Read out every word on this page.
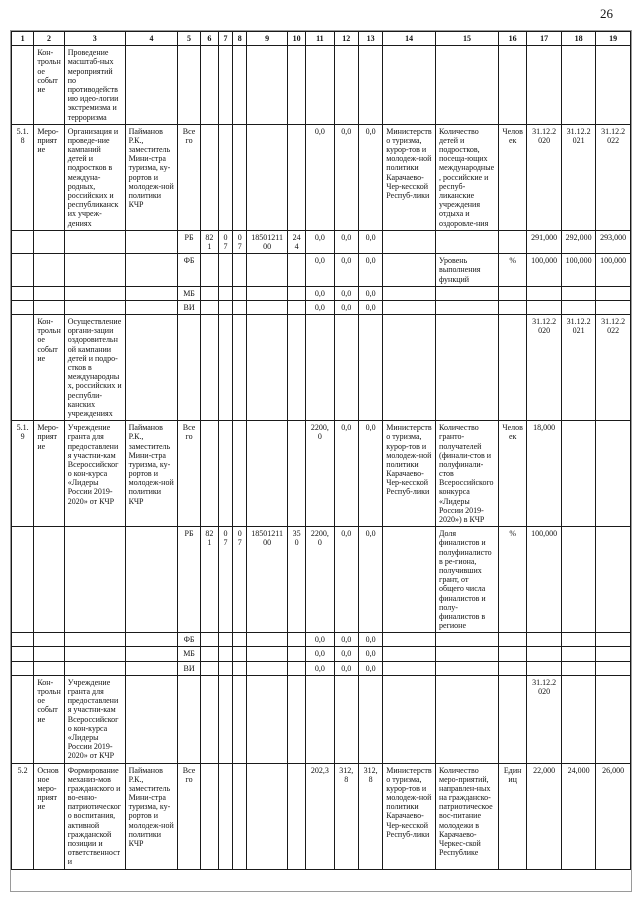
26
1	2	3	4	5	6	7	8	9	10	11	12	13	14	15	16	17	18	19
	Кон-трольное событие	Проведение масштаб-ных мероприятий по противодействию идео-логии экстремизма и терроризма																
5.1.8	Меро-приятие	Организация и проведе-ние кампаний детей и подростков в междуна-родных, российских и республиканских учреж-дениях	Пайманов Р.К., заместитель Мини-стра туризма, ку-рортов и молодеж-ной политики КЧР	Всего						0,0	0,0	0,0	Министерство туризма, курор-тов и молодеж-ной политики Карачаево-Чер-кесской Респуб-лики	Количество детей и подростков, посеща-ющих международные, российские и респуб-ликанские учреждения отдыха и оздоровле-ния	Человек	31.12.2020	31.12.2021	31.12.2022
				РБ	821	07	07	1850121100	244	0,0	0,0	0,0				291,000	292,000	293,000
				ФБ						0,0	0,0	0,0		Уровень выполнения функций	%	100,000	100,000	100,000
				МБ						0,0	0,0	0,0						
				ВИ						0,0	0,0	0,0						
	Кон-трольное событие	Осуществление органи-зации оздоровительной кампании детей и подро-стков в международных, российских и республи-канских учреждениях														31.12.2020	31.12.2021	31.12.2022
5.1.9	Меро-приятие	Учреждение гранта для предоставления участни-кам Всероссийского кон-курса «Лидеры России 2019-2020» от КЧР	Пайманов Р.К., заместитель Мини-стра туризма, ку-рортов и молодеж-ной политики КЧР	Всего						2200,0	0,0	0,0	Министерство туризма, курор-тов и молодеж-ной политики Карачаево-Чер-кесской Респуб-лики	Количество гранто-получателей (финали-стов и полуфинали-стов Всероссийского конкурса «Лидеры России 2019-2020») в КЧР	Человек	18,000		
				РБ	821	07	07	1850121100	350	2200,0	0,0	0,0		Доля финалистов и полуфиналистов ре-гиона, получивших грант, от общего числа финалистов и полу-финалистов в регионе	%	100,000		
				ФБ						0,0	0,0	0,0						
				МБ						0,0	0,0	0,0						
				ВИ						0,0	0,0	0,0						
	Кон-трольное событие	Учреждение гранта для предоставления участни-кам Всероссийского кон-курса «Лидеры России 2019-2020» от КЧР														31.12.2020		
5.2	Основное меро-приятие	Формирование механиз-мов гражданского и во-енно-патриотического воспитания, активной гражданской позиции и ответственности	Пайманов Р.К., заместитель Мини-стра туризма, ку-рортов и молодеж-ной политики КЧР	Всего						202,3	312,8	312,8	Министерство туризма, курор-тов и молодеж-ной политики Карачаево-Чер-кесской Респуб-лики	Количество меро-приятий, направлен-ных на гражданско-патриотическое вос-питание молодежи в Карачаево-Черкес-ской Республике	Единиц	22,000	24,000	26,000
